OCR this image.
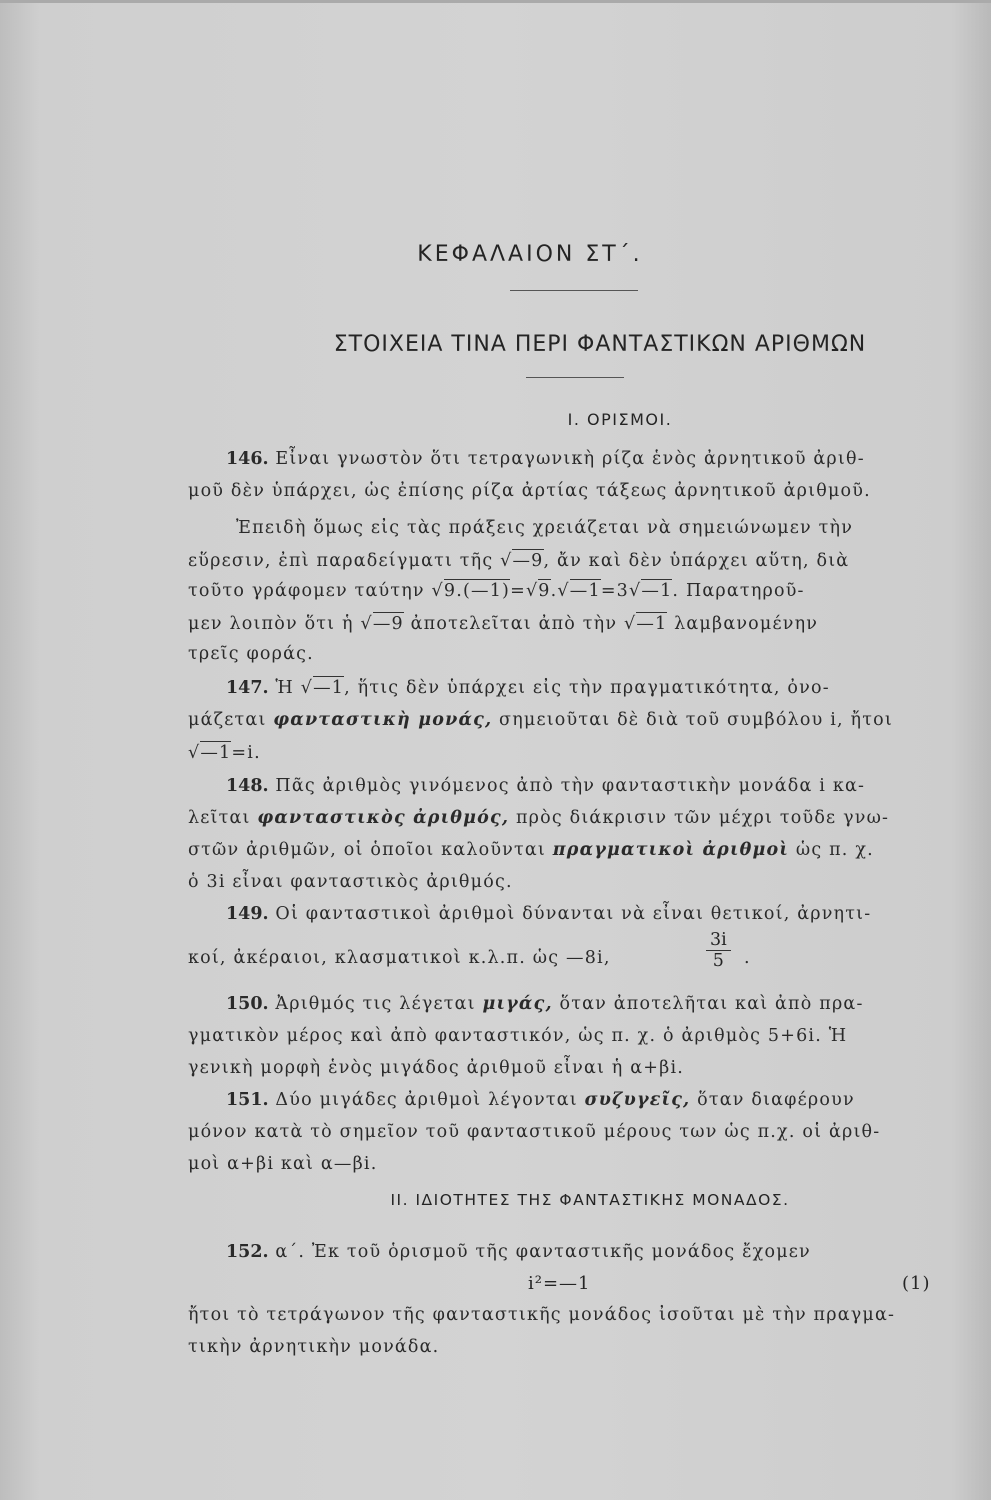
ΚΕΦΑΛΑΙΟΝ ΣΤ΄.
ΣΤΟΙΧΕΙΑ ΤΙΝΑ ΠΕΡΙ ΦΑΝΤΑΣΤΙΚΩΝ ΑΡΙΘΜΩΝ
Ι. ΟΡΙΣΜΟΙ.
146. Εἶναι γνωστὸν ὅτι τετραγωνικὴ ρίζα ἑνὸς ἀρνητικοῦ ἀριθ-
μοῦ δὲν ὑπάρχει, ὡς ἐπίσης ρίζα ἀρτίας τάξεως ἀρνητικοῦ ἀριθμοῦ.
Ἐπειδὴ ὅμως εἰς τὰς πράξεις χρειάζεται νὰ σημειώνωμεν τὴν
εὕρεσιν, ἐπὶ παραδείγματι τῆς √—9, ἄν καὶ δὲν ὑπάρχει αὕτη, διὰ
τοῦτο γράφομεν ταύτην √9.(—1)=√9.√—1=3√—1. Παρατηροῦ-
μεν λοιπὸν ὅτι ἡ √—9 ἀποτελεῖται ἀπὸ τὴν √—1 λαμβανομένην
τρεῖς φοράς.
147. Ἡ √—1, ἥτις δὲν ὑπάρχει εἰς τὴν πραγματικότητα, ὀνο-
μάζεται φανταστικὴ μονάς, σημειοῦται δὲ διὰ τοῦ συμβόλου i, ἤτοι
√—1=i.
148. Πᾶς ἀριθμὸς γινόμενος ἀπὸ τὴν φανταστικὴν μονάδα i κα-
λεῖται φανταστικὸς ἀριθμός, πρὸς διάκρισιν τῶν μέχρι τοῦδε γνω-
στῶν ἀριθμῶν, οἱ ὁποῖοι καλοῦνται πραγματικοὶ ἀριθμοὶ ὡς π. χ.
ὁ 3i εἶναι φανταστικὸς ἀριθμός.
149. Οἱ φανταστικοὶ ἀριθμοὶ δύνανται νὰ εἶναι θετικοί, ἀρνητι-
κοί, ἀκέραιοι, κλασματικοὶ κ.λ.π. ὡς —8i,	$\frac{3i}{5}$ .
150. Ἀριθμός τις λέγεται μιγάς, ὅταν ἀποτελῆται καὶ ἀπὸ πρα-
γματικὸν μέρος καὶ ἀπὸ φανταστικόν, ὡς π. χ. ὁ ἀριθμὸς 5+6i. Ἡ
γενικὴ μορφὴ ἑνὸς μιγάδος ἀριθμοῦ εἶναι ἡ α+βi.
151. Δύο μιγάδες ἀριθμοὶ λέγονται συζυγεῖς, ὅταν διαφέρουν
μόνον κατὰ τὸ σημεῖον τοῦ φανταστικοῦ μέρους των ὡς π.χ. οἱ ἀριθ-
μοὶ α+βi καὶ α—βi.
ΙΙ. ΙΔΙΟΤΗΤΕΣ ΤΗΣ ΦΑΝΤΑΣΤΙΚΗΣ ΜΟΝΑΔΟΣ.
152. α΄. Ἐκ τοῦ ὁρισμοῦ τῆς φανταστικῆς μονάδος ἔχομεν
i²=—1	(1)
ἤτοι τὸ τετράγωνον τῆς φανταστικῆς μονάδος ἰσοῦται μὲ τὴν πραγμα-
τικὴν ἀρνητικὴν μονάδα.
